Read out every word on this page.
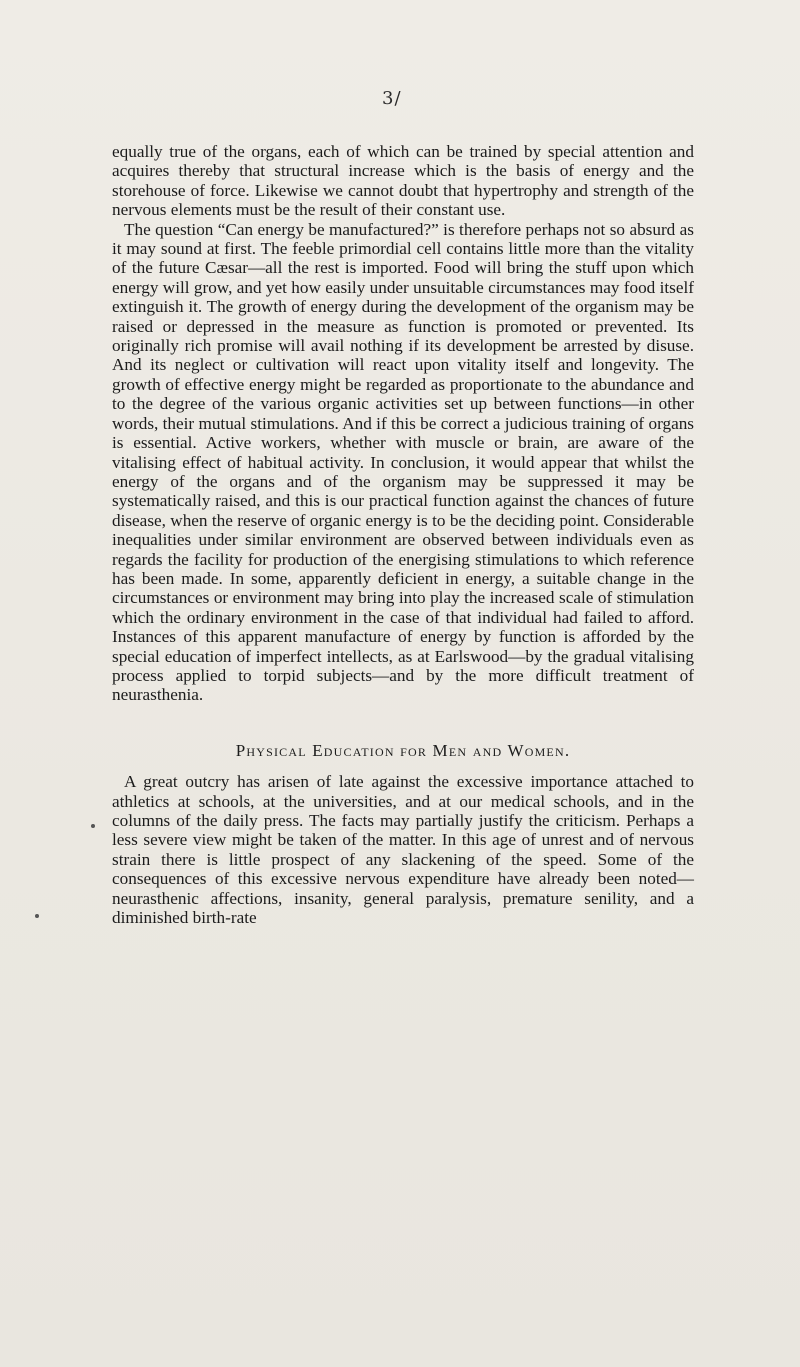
3/

equally true of the organs, each of which can be trained by special attention and acquires thereby that structural increase which is the basis of energy and the storehouse of force. Likewise we cannot doubt that hypertrophy and strength of the nervous elements must be the result of their constant use.

The question “Can energy be manufactured?” is therefore perhaps not so absurd as it may sound at first. The feeble primordial cell contains little more than the vitality of the future Cæsar—all the rest is imported. Food will bring the stuff upon which energy will grow, and yet how easily under unsuitable circumstances may food itself extinguish it. The growth of energy during the development of the organism may be raised or depressed in the measure as function is promoted or prevented. Its originally rich promise will avail nothing if its development be arrested by disuse. And its neglect or cultivation will react upon vitality itself and longevity. The growth of effective energy might be regarded as proportionate to the abundance and to the degree of the various organic activities set up between functions—in other words, their mutual stimulations. And if this be correct a judicious training of organs is essential. Active workers, whether with muscle or brain, are aware of the vitalising effect of habitual activity. In conclusion, it would appear that whilst the energy of the organs and of the organism may be suppressed it may be systematically raised, and this is our practical function against the chances of future disease, when the reserve of organic energy is to be the deciding point. Considerable inequalities under similar environment are observed between individuals even as regards the facility for production of the energising stimulations to which reference has been made. In some, apparently deficient in energy, a suitable change in the circumstances or environment may bring into play the increased scale of stimulation which the ordinary environment in the case of that individual had failed to afford. Instances of this apparent manufacture of energy by function is afforded by the special education of imperfect intellects, as at Earlswood—by the gradual vitalising process applied to torpid subjects—and by the more difficult treatment of neurasthenia.

Physical Education for Men and Women.

A great outcry has arisen of late against the excessive importance attached to athletics at schools, at the universities, and at our medical schools, and in the columns of the daily press. The facts may partially justify the criticism. Perhaps a less severe view might be taken of the matter. In this age of unrest and of nervous strain there is little prospect of any slackening of the speed. Some of the consequences of this excessive nervous expenditure have already been noted—neurasthenic affections, insanity, general paralysis, premature senility, and a diminished birth-rate
